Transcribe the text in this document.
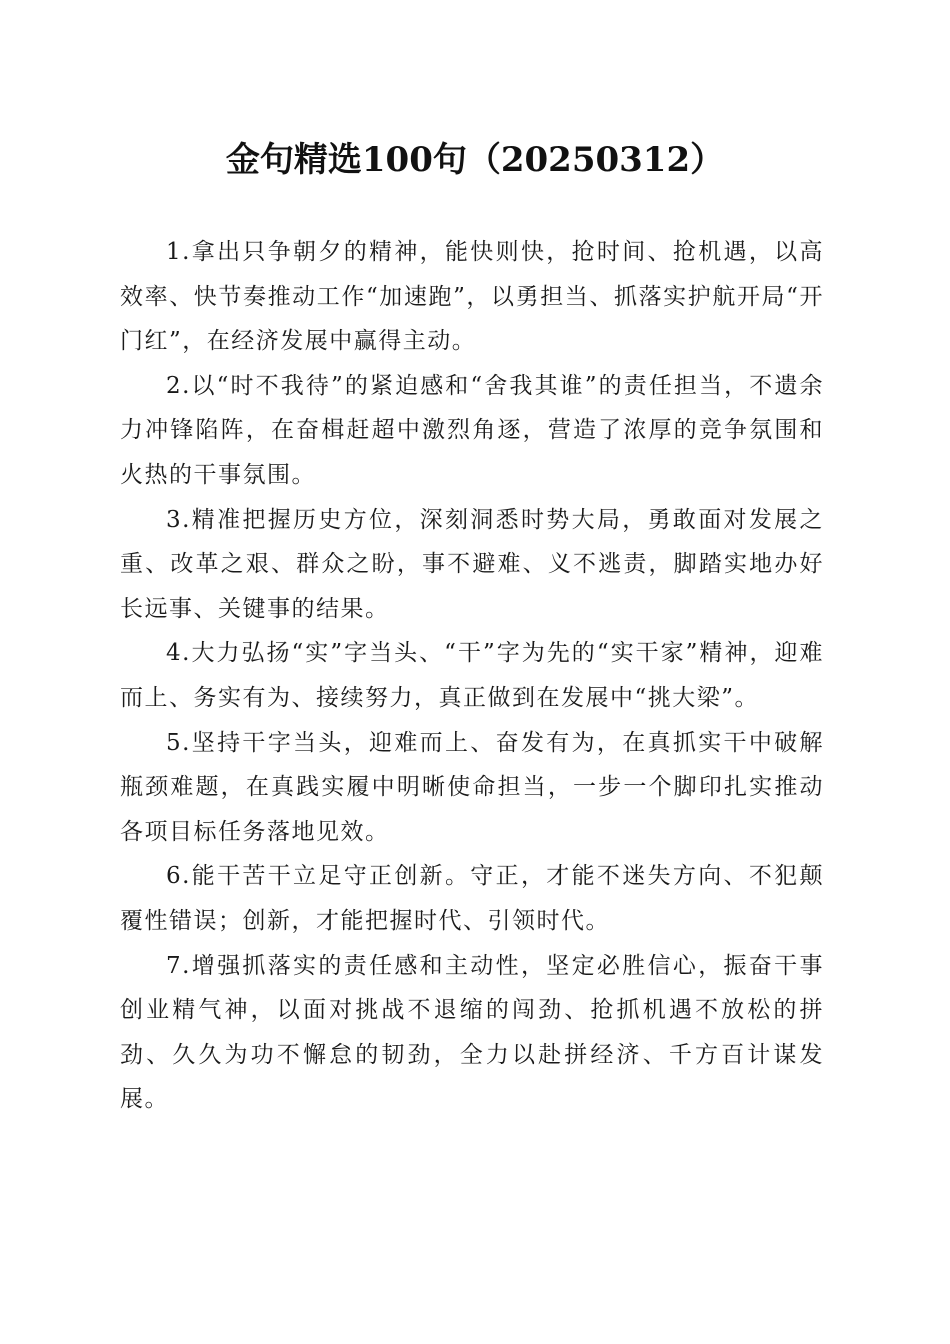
金句精选100句（20250312）

1.拿出只争朝夕的精神，能快则快，抢时间、抢机遇，以高效率、快节奏推动工作“加速跑”，以勇担当、抓落实护航开局“开门红”，在经济发展中赢得主动。

2.以“时不我待”的紧迫感和“舍我其谁”的责任担当，不遗余力冲锋陷阵，在奋楫赶超中激烈角逐，营造了浓厚的竞争氛围和火热的干事氛围。

3.精准把握历史方位，深刻洞悉时势大局，勇敢面对发展之重、改革之艰、群众之盼，事不避难、义不逃责，脚踏实地办好长远事、关键事的结果。

4.大力弘扬“实”字当头、“干”字为先的“实干家”精神，迎难而上、务实有为、接续努力，真正做到在发展中“挑大梁”。

5.坚持干字当头，迎难而上、奋发有为，在真抓实干中破解瓶颈难题，在真践实履中明晰使命担当，一步一个脚印扎实推动各项目标任务落地见效。

6.能干苦干立足守正创新。守正，才能不迷失方向、不犯颠覆性错误；创新，才能把握时代、引领时代。

7.增强抓落实的责任感和主动性，坚定必胜信心，振奋干事创业精气神，以面对挑战不退缩的闯劲、抢抓机遇不放松的拼劲、久久为功不懈怠的韧劲，全力以赴拼经济、千方百计谋发展。
